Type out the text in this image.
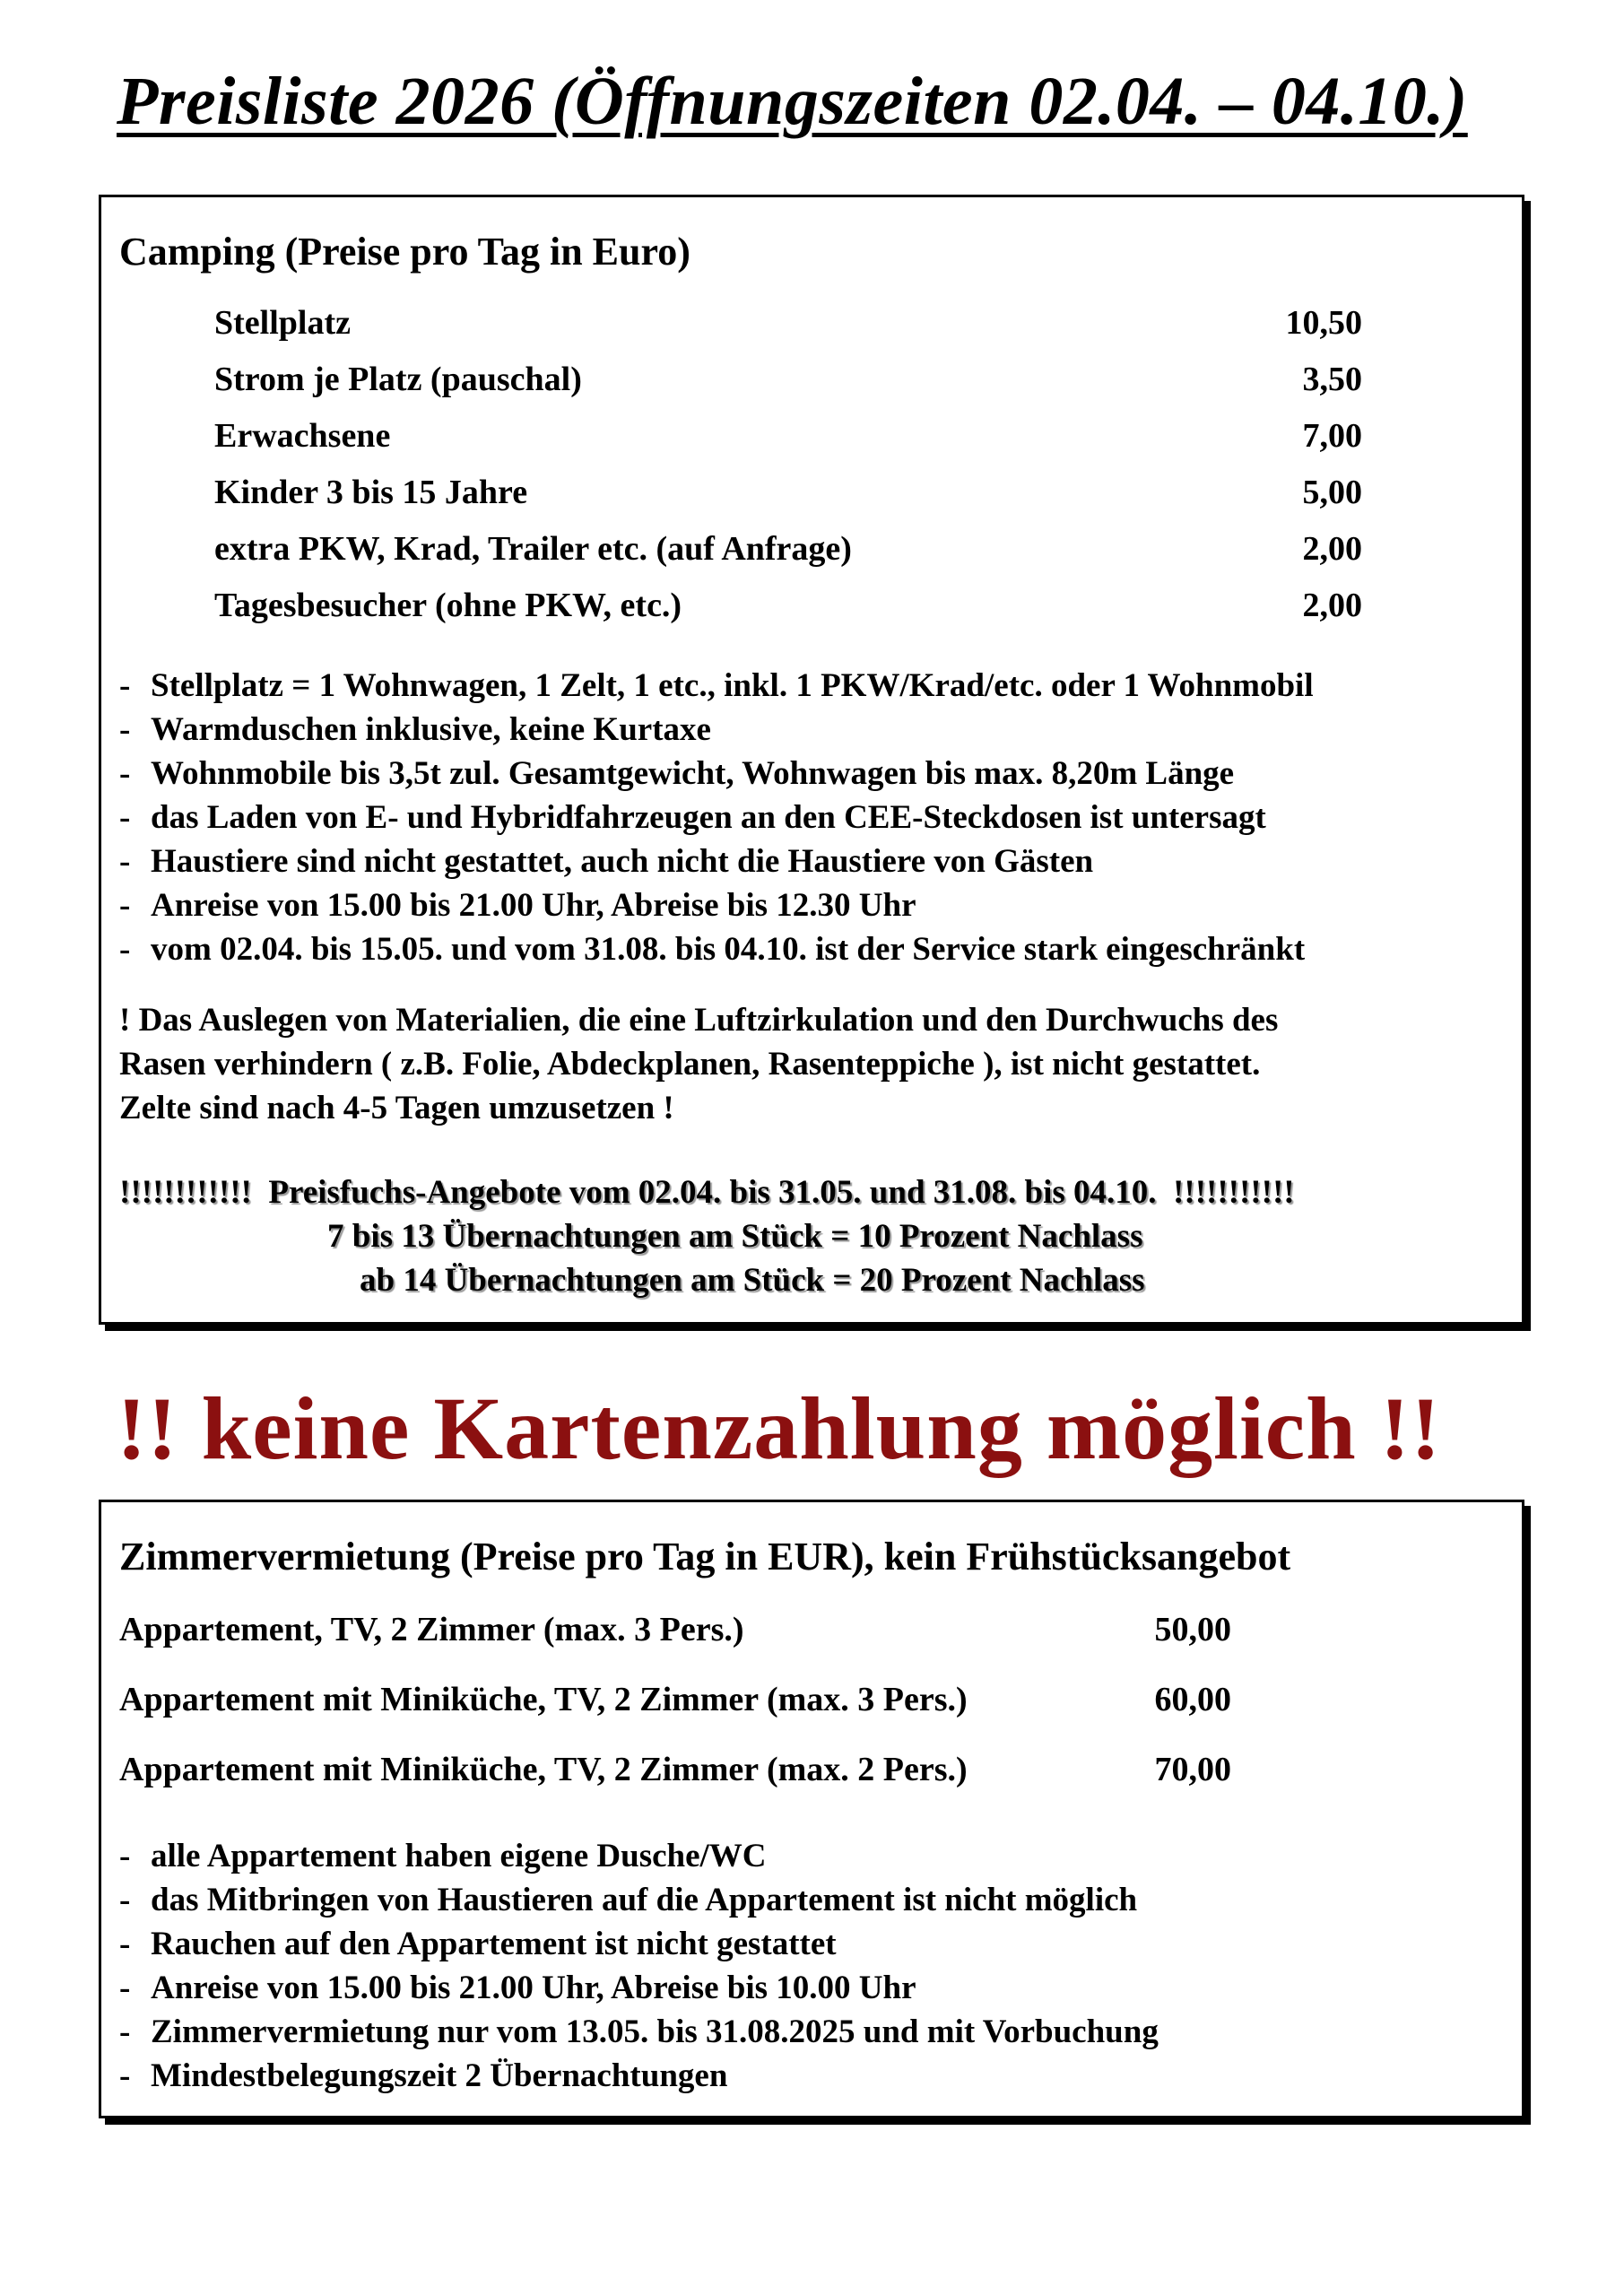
Preisliste 2026 (Öffnungszeiten 02.04. – 04.10.)
Camping (Preise pro Tag in Euro)
Stellplatz	10,50
Strom je Platz (pauschal)	3,50
Erwachsene	7,00
Kinder 3 bis 15 Jahre	5,00
extra PKW, Krad, Trailer etc. (auf Anfrage)	2,00
Tagesbesucher (ohne PKW, etc.)	2,00
- Stellplatz = 1 Wohnwagen, 1 Zelt, 1 etc., inkl. 1 PKW/Krad/etc. oder 1 Wohnmobil
- Warmduschen inklusive, keine Kurtaxe
- Wohnmobile bis 3,5t zul. Gesamtgewicht, Wohnwagen bis max. 8,20m Länge
- das Laden von E- und Hybridfahrzeugen an den CEE-Steckdosen ist untersagt
- Haustiere sind nicht gestattet, auch nicht die Haustiere von Gästen
- Anreise von 15.00 bis 21.00 Uhr, Abreise bis 12.30 Uhr
- vom 02.04. bis 15.05. und vom 31.08. bis 04.10. ist der Service stark eingeschränkt
! Das Auslegen von Materialien, die eine Luftzirkulation und den Durchwuchs des
Rasen verhindern ( z.B. Folie, Abdeckplanen, Rasenteppiche ), ist nicht gestattet.
Zelte sind nach 4-5 Tagen umzusetzen !
!!!!!!!!!!!! Preisfuchs-Angebote vom 02.04. bis 31.05. und 31.08. bis 04.10. !!!!!!!!!!!
7 bis 13 Übernachtungen am Stück = 10 Prozent Nachlass
ab 14 Übernachtungen am Stück = 20 Prozent Nachlass
!! keine Kartenzahlung möglich !!
Zimmervermietung (Preise pro Tag in EUR), kein Frühstücksangebot
Appartement, TV, 2 Zimmer (max. 3 Pers.)	50,00
Appartement mit Miniküche, TV, 2 Zimmer (max. 3 Pers.)	60,00
Appartement mit Miniküche, TV, 2 Zimmer (max. 2 Pers.)	70,00
- alle Appartement haben eigene Dusche/WC
- das Mitbringen von Haustieren auf die Appartement ist nicht möglich
- Rauchen auf den Appartement ist nicht gestattet
- Anreise von 15.00 bis 21.00 Uhr, Abreise bis 10.00 Uhr
- Zimmervermietung nur vom 13.05. bis 31.08.2025 und mit Vorbuchung
- Mindestbelegungszeit 2 Übernachtungen
